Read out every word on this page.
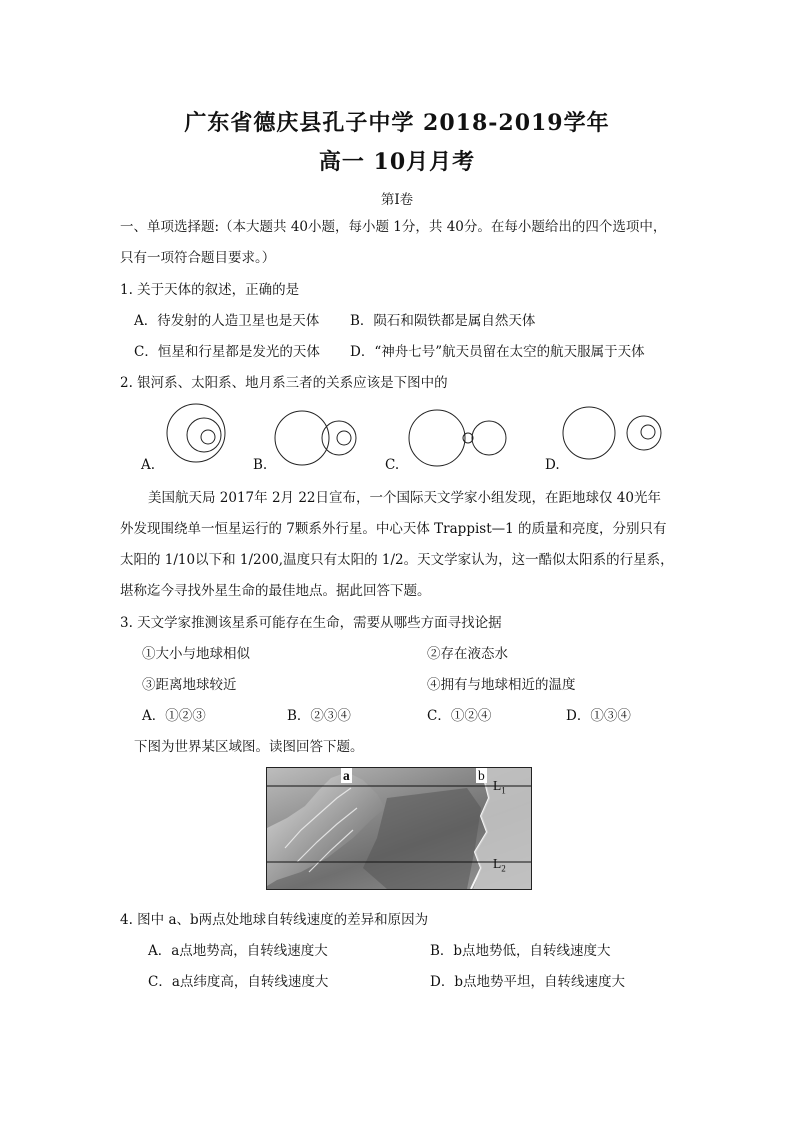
广东省德庆县孔子中学 2018-2019学年
高一 10月月考
第Ⅰ卷
一、单项选择题:（本大题共 40小题，每小题 1分，共 40分。在每小题给出的四个选项中，
只有一项符合题目要求。）
1. 关于天体的叙述，正确的是
A．待发射的人造卫星也是天体 B．陨石和陨铁都是属自然天体
C．恒星和行星都是发光的天体 D．“神舟七号”航天员留在太空的航天服属于天体
2. 银河系、太阳系、地月系三者的关系应该是下图中的
A.	B.	C.	D.
美国航天局 2017年 2月 22日宣布，一个国际天文学家小组发现，在距地球仅 40光年
外发现围绕单一恒星运行的 7颗系外行星。中心天体 Trappist—1 的质量和亮度，分别只有
太阳的 1/10以下和 1/200,温度只有太阳的 1/2。天文学家认为，这一酷似太阳系的行星系，
堪称迄今寻找外星生命的最佳地点。据此回答下题。
3. 天文学家推测该星系可能存在生命，需要从哪些方面寻找论据
①大小与地球相似	②存在液态水
③距离地球较近	④拥有与地球相近的温度
A．①②③	B．②③④	C．①②④	D．①③④
下图为世界某区域图。读图回答下题。
a	b
$L_1$
$L_2$
4. 图中 a、b两点处地球自转线速度的差异和原因为
A．a点地势高，自转线速度大	B．b点地势低，自转线速度大
C．a点纬度高，自转线速度大	D．b点地势平坦，自转线速度大
